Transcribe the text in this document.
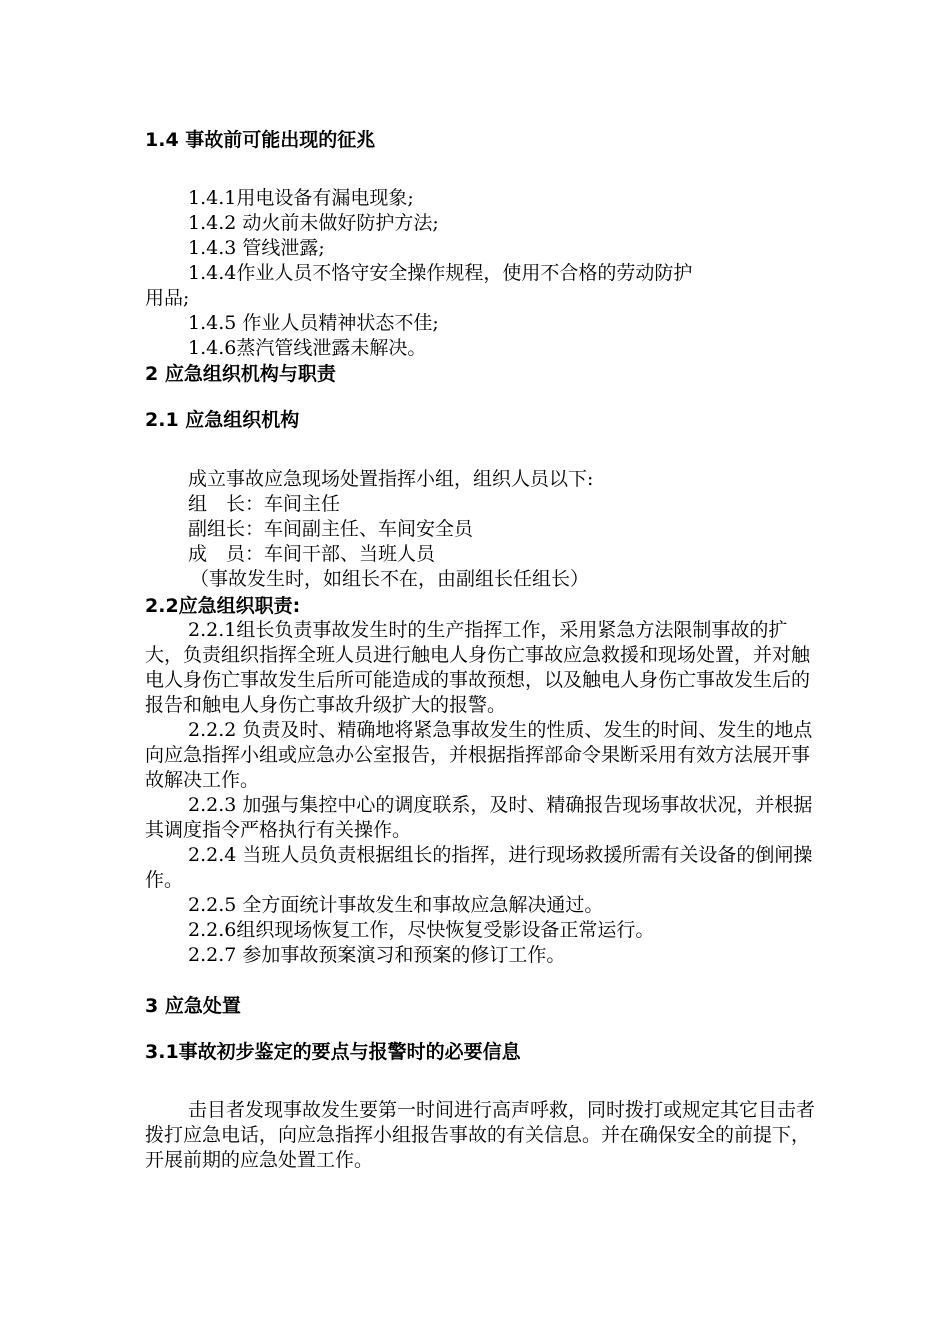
1.4 事故前可能出现的征兆
1.4.1用电设备有漏电现象;
1.4.2 动火前未做好防护方法;
1.4.3 管线泄露;
1.4.4作业人员不恪守安全操作规程，使用不合格的劳动防护
用品;
1.4.5 作业人员精神状态不佳;
1.4.6蒸汽管线泄露未解决。
2 应急组织机构与职责
2.1 应急组织机构
成立事故应急现场处置指挥小组，组织人员以下:
组　长：车间主任
副组长：车间副主任、车间安全员
成　员：车间干部、当班人员
（事故发生时，如组长不在，由副组长任组长）
2.2应急组织职责:

2.2.1组长负责事故发生时的生产指挥工作，采用紧急方法限制事故的扩大，负责组织指挥全班人员进行触电人身伤亡事故应急救援和现场处置，并对触电人身伤亡事故发生后所可能造成的事故预想，以及触电人身伤亡事故发生后的报告和触电人身伤亡事故升级扩大的报警。

2.2.2 负责及时、精确地将紧急事故发生的性质、发生的时间、发生的地点向应急指挥小组或应急办公室报告，并根据指挥部命令果断采用有效方法展开事故解决工作。

2.2.3 加强与集控中心的调度联系，及时、精确报告现场事故状况，并根据其调度指令严格执行有关操作。

2.2.4 当班人员负责根据组长的指挥，进行现场救援所需有关设备的倒闸操作。

2.2.5 全方面统计事故发生和事故应急解决通过。

2.2.6组织现场恢复工作，尽快恢复受影设备正常运行。

2.2.7 参加事故预案演习和预案的修订工作。

3 应急处置
3.1事故初步鉴定的要点与报警时的必要信息

击目者发现事故发生要第一时间进行高声呼救，同时拨打或规定其它目击者拨打应急电话，向应急指挥小组报告事故的有关信息。并在确保安全的前提下，开展前期的应急处置工作。
